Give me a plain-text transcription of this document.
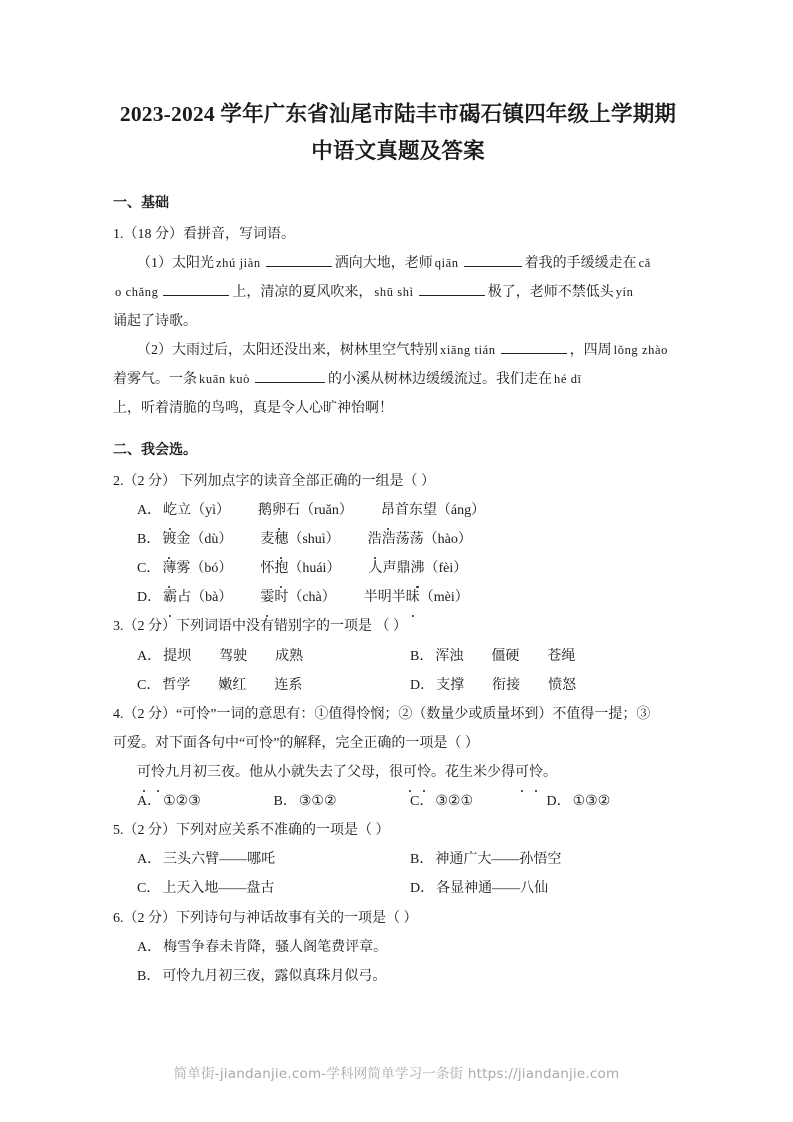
2023-2024 学年广东省汕尾市陆丰市碣石镇四年级上学期期中语文真题及答案
一、基础
1.（18 分）看拼音，写词语。
（1）太阳光 zhú jiàn	洒向大地，老师 qiān	着我的手缓缓走在 cǎ
o chǎng	上，清凉的夏风吹来， shū shì	极了，老师不禁低头 yín
诵起了诗歌。
（2）大雨过后，太阳还没出来，树林里空气特别 xiāng tián	，四周 lǒng zhào
着雾气。一条 kuān kuò	的小溪从树林边缓缓流过。我们走在 hé dī
上，听着清脆的鸟鸣，真是令人心旷神怡啊！
二、我会选。
2.（2 分） 下列加点字的读音全部正确的一组是（ ）
A． 屹立（yì） 鹅卵石（ruǎn） 昂首东望（áng）
B． 镀金（dù） 麦穗（shuì） 浩浩荡荡（hào）
C． 薄雾（bó） 怀抱（huái） 人声鼎沸（fèi）
D． 霸占（bà） 霎时（chà） 半明半昧（mèi）
3.（2 分）下列词语中没有错别字的一项是 （ ）
A． 提坝 驾驶 成熟	B． 浑浊 僵硬 苍绳
C． 哲学 嫩红 连系	D． 支撑 衔接 愤怒
4.（2 分）“可怜”一词的意思有：①值得怜悯；②（数量少或质量坏到）不值得一提；③
可爱。对下面各句中“可怜”的解释，完全正确的一项是（ ）
可怜九月初三夜。他从小就失去了父母，很可怜。花生米少得可怜。
A． ①②③	B． ③①②	C． ③②①	D． ①③②
5.（2 分）下列对应关系不准确的一项是（ ）
A． 三头六臂——哪吒	B． 神通广大——孙悟空
C． 上天入地——盘古	D． 各显神通——八仙
6.（2 分）下列诗句与神话故事有关的一项是（ ）
A． 梅雪争春未肯降，骚人阁笔费评章。
B． 可怜九月初三夜，露似真珠月似弓。
简单街-jiandanjie.com-学科网简单学习一条街 https://jiandanjie.com
